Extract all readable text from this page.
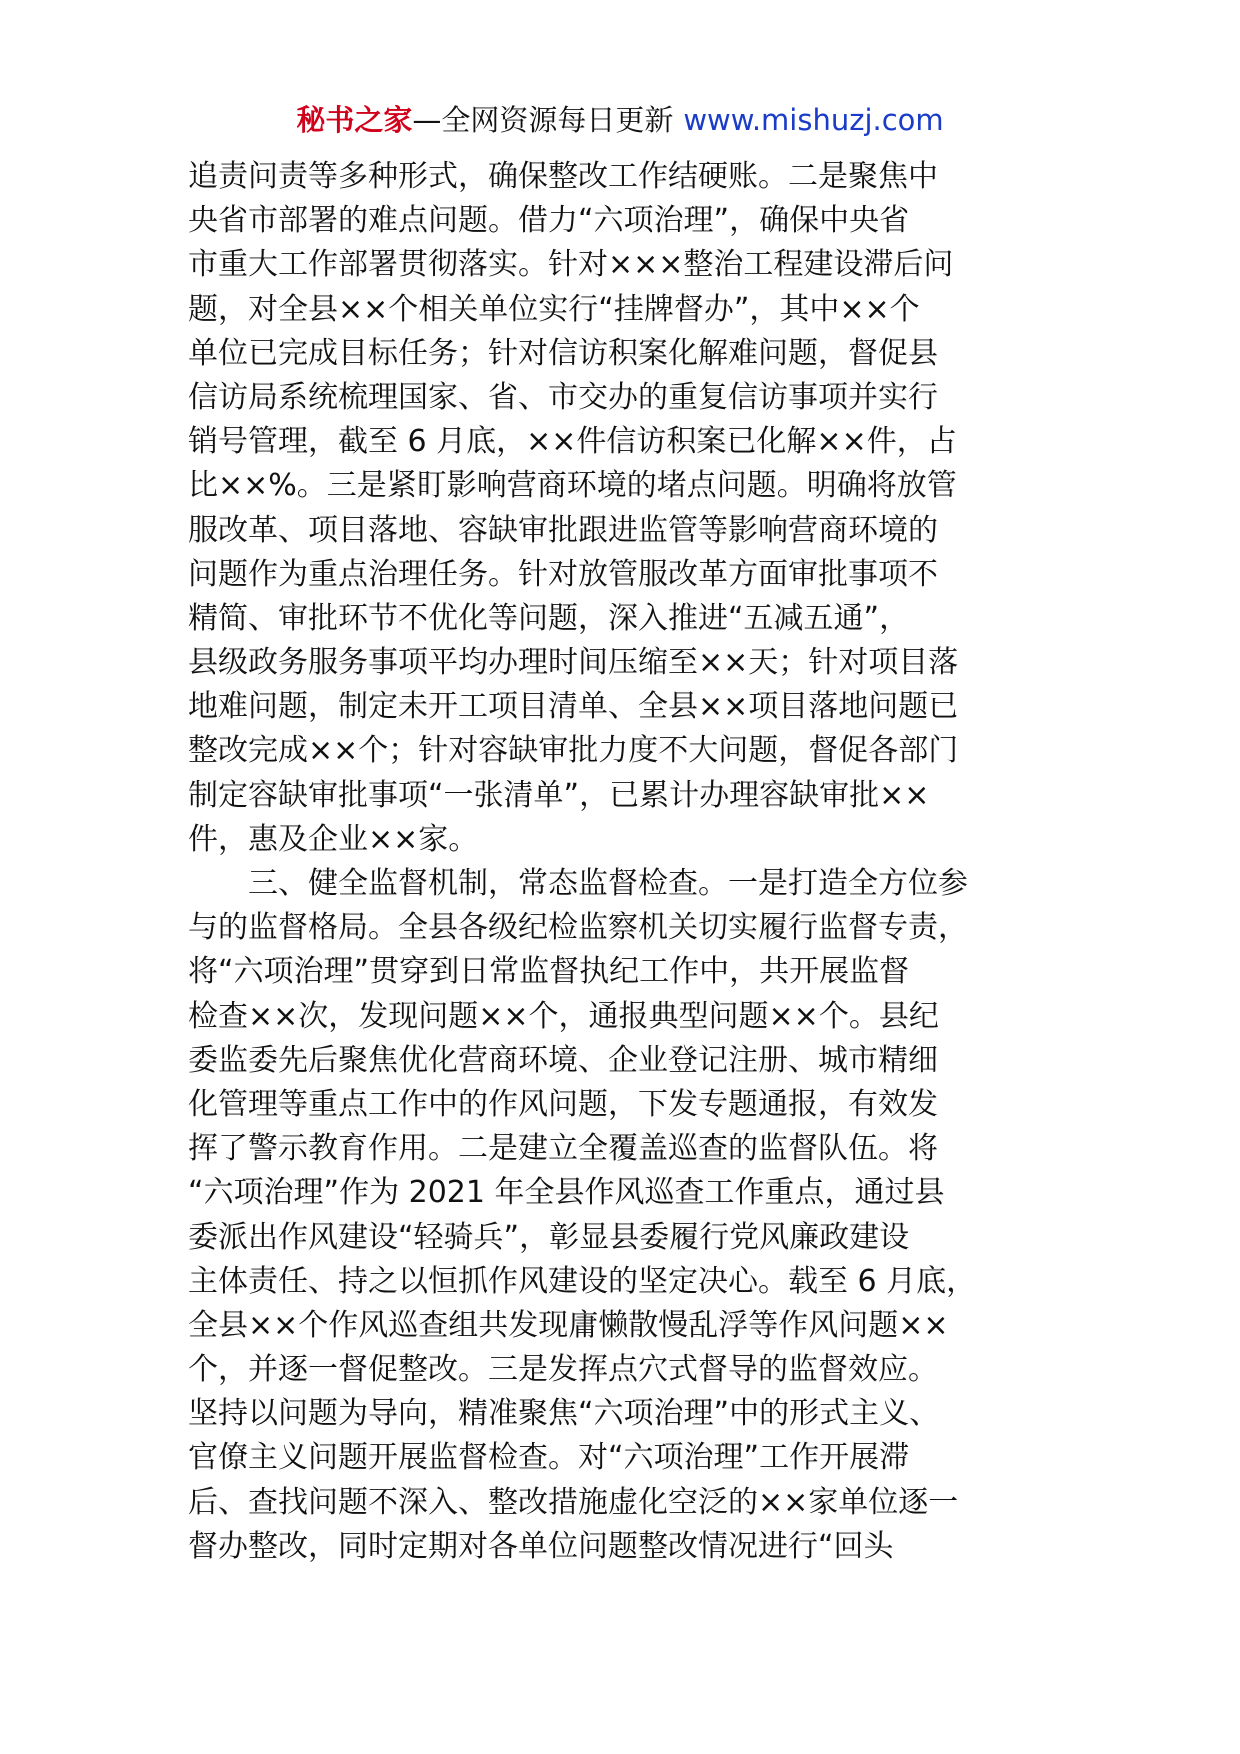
秘书之家—全网资源每日更新 www.mishuzj.com
追责问责等多种形式，确保整改工作结硬账。二是聚焦中
央省市部署的难点问题。借力“六项治理”，确保中央省
市重大工作部署贯彻落实。针对×××整治工程建设滞后问
题，对全县××个相关单位实行“挂牌督办”，其中××个
单位已完成目标任务；针对信访积案化解难问题，督促县
信访局系统梳理国家、省、市交办的重复信访事项并实行
销号管理，截至 6 月底，××件信访积案已化解××件，占
比××%。三是紧盯影响营商环境的堵点问题。明确将放管
服改革、项目落地、容缺审批跟进监管等影响营商环境的
问题作为重点治理任务。针对放管服改革方面审批事项不
精简、审批环节不优化等问题，深入推进“五减五通”，
县级政务服务事项平均办理时间压缩至××天；针对项目落
地难问题，制定未开工项目清单、全县××项目落地问题已
整改完成××个；针对容缺审批力度不大问题，督促各部门
制定容缺审批事项“一张清单”，已累计办理容缺审批××
件，惠及企业××家。
三、健全监督机制，常态监督检查。一是打造全方位参
与的监督格局。全县各级纪检监察机关切实履行监督专责，
将“六项治理”贯穿到日常监督执纪工作中，共开展监督
检查××次，发现问题××个，通报典型问题××个。县纪
委监委先后聚焦优化营商环境、企业登记注册、城市精细
化管理等重点工作中的作风问题，下发专题通报，有效发
挥了警示教育作用。二是建立全覆盖巡查的监督队伍。将
“六项治理”作为 2021 年全县作风巡查工作重点，通过县
委派出作风建设“轻骑兵”，彰显县委履行党风廉政建设
主体责任、持之以恒抓作风建设的坚定决心。载至 6 月底，
全县××个作风巡查组共发现庸懒散慢乱浮等作风问题××
个，并逐一督促整改。三是发挥点穴式督导的监督效应。
坚持以问题为导向，精准聚焦“六项治理”中的形式主义、
官僚主义问题开展监督检查。对“六项治理”工作开展滞
后、查找问题不深入、整改措施虚化空泛的××家单位逐一
督办整改，同时定期对各单位问题整改情况进行“回头
